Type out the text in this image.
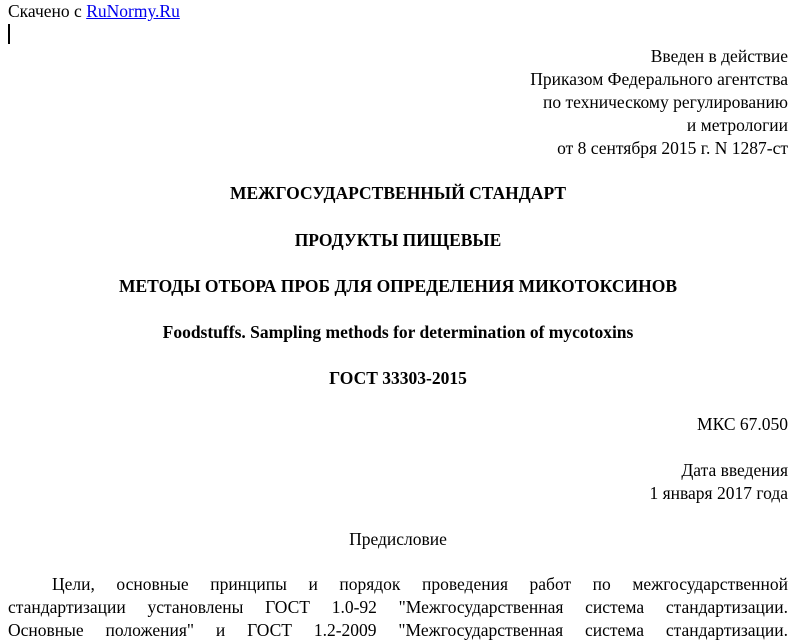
Скачено с RuNormy.Ru
Введен в действие
Приказом Федерального агентства
по техническому регулированию
и метрологии
от 8 сентября 2015 г. N 1287-ст
МЕЖГОСУДАРСТВЕННЫЙ СТАНДАРТ
ПРОДУКТЫ ПИЩЕВЫЕ
МЕТОДЫ ОТБОРА ПРОБ ДЛЯ ОПРЕДЕЛЕНИЯ МИКОТОКСИНОВ
Foodstuffs. Sampling methods for determination of mycotoxins
ГОСТ 33303-2015
МКС 67.050
Дата введения
1 января 2017 года
Предисловие
Цели, основные принципы и порядок проведения работ по межгосударственной
стандартизации установлены ГОСТ 1.0-92 "Межгосударственная система стандартизации.
Основные положения" и ГОСТ 1.2-2009 "Межгосударственная система стандартизации.
